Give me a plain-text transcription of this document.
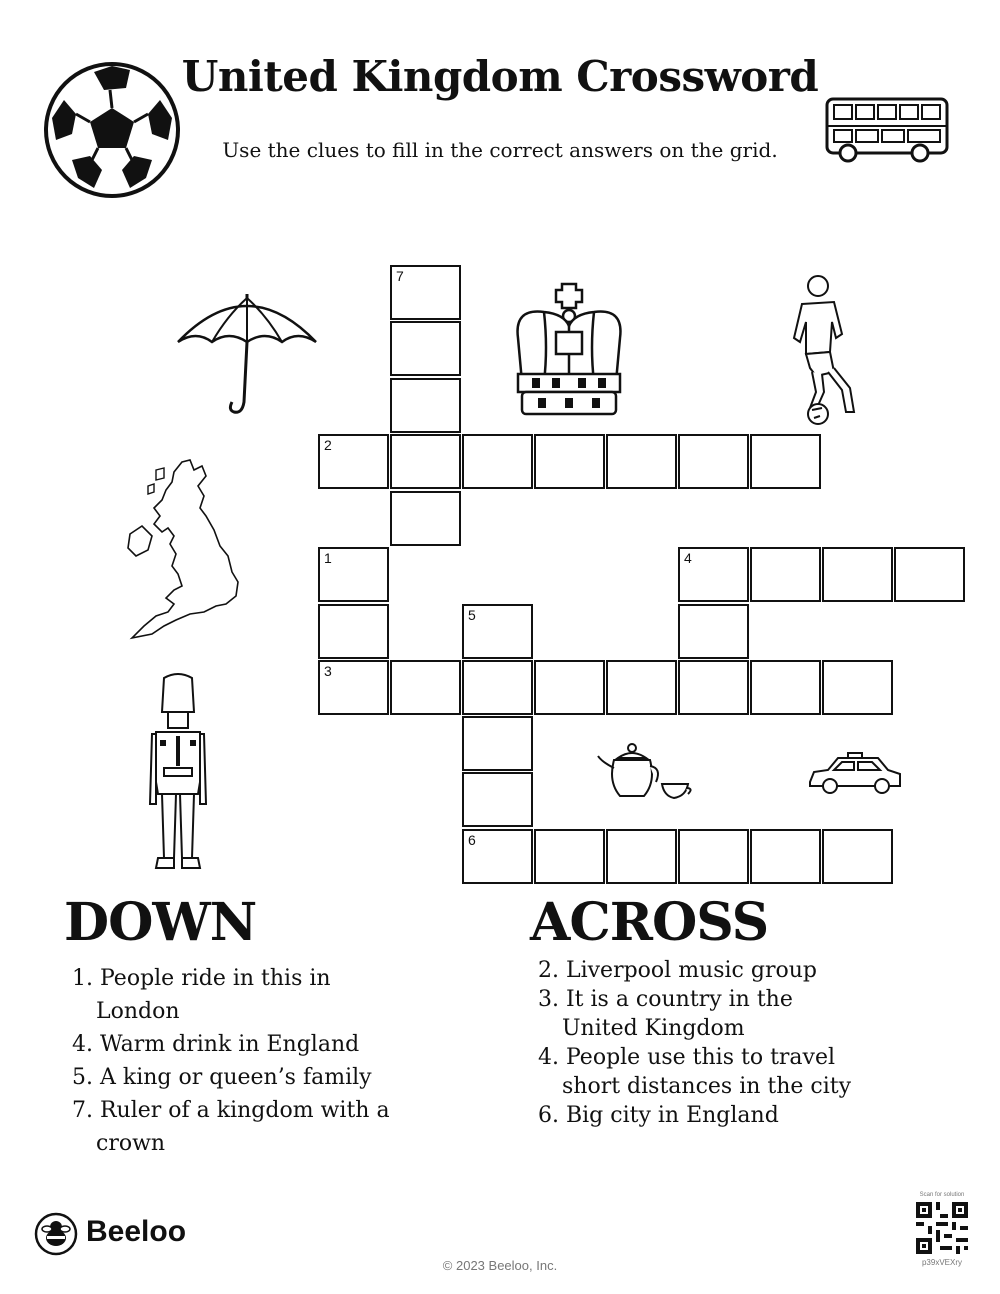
United Kingdom Crossword
Use the clues to fill in the correct answers on the grid.
7
2
1	4
5
3
6
DOWN
1. People ride in this in London
4. Warm drink in England
5. A king or queen’s family
7. Ruler of a kingdom with a crown
ACROSS
2. Liverpool music group
3. It is a country in the United Kingdom
4. People use this to travel short distances in the city
6. Big city in England
Beeloo
© 2023 Beeloo, Inc.
Scan for solution
p39xVEXry
